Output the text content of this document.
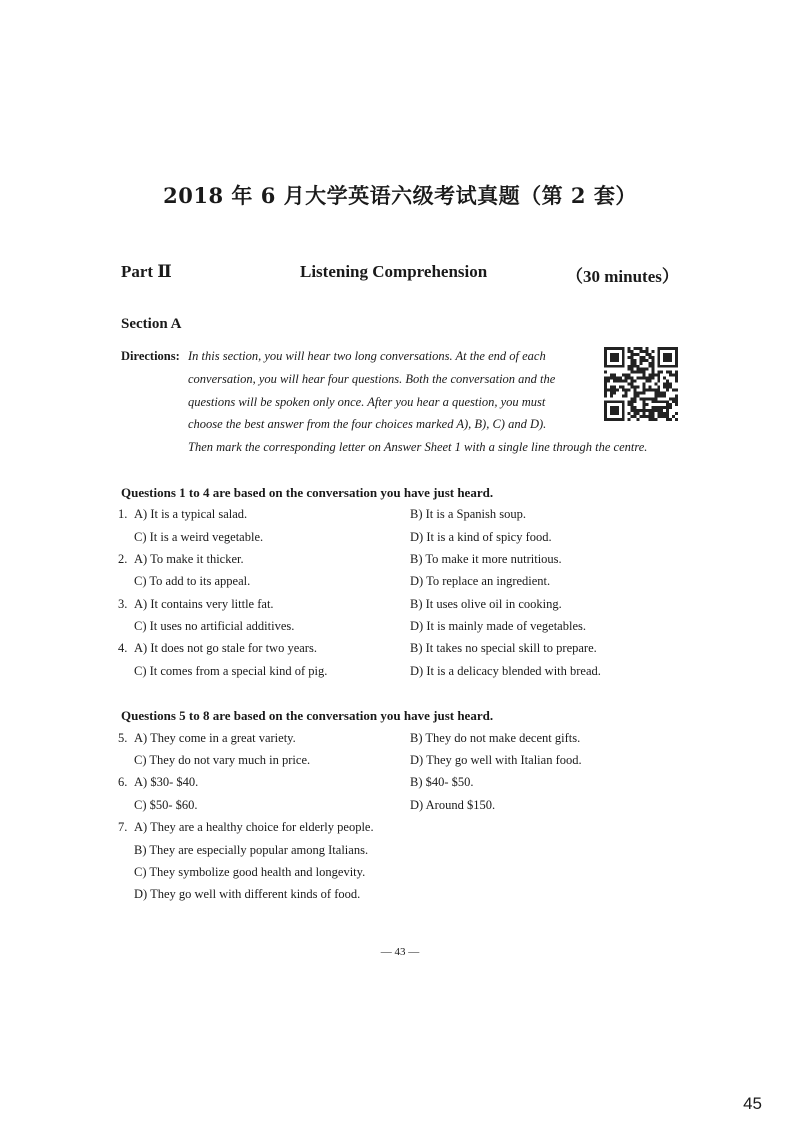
2018 年 6 月大学英语六级考试真题（第 2 套）
Part Ⅱ	Listening Comprehension	（30 minutes）
Section A
Directions: In this section, you will hear two long conversations. At the end of each
conversation, you will hear four questions. Both the conversation and the
questions will be spoken only once. After you hear a question, you must
choose the best answer from the four choices marked A), B), C) and D).
Then mark the corresponding letter on Answer Sheet 1 with a single line through the centre.
Questions 1 to 4 are based on the conversation you have just heard.
1. A) It is a typical salad.	B) It is a Spanish soup.
C) It is a weird vegetable.	D) It is a kind of spicy food.
2. A) To make it thicker.	B) To make it more nutritious.
C) To add to its appeal.	D) To replace an ingredient.
3. A) It contains very little fat.	B) It uses olive oil in cooking.
C) It uses no artificial additives.	D) It is mainly made of vegetables.
4. A) It does not go stale for two years.	B) It takes no special skill to prepare.
C) It comes from a special kind of pig.	D) It is a delicacy blended with bread.
Questions 5 to 8 are based on the conversation you have just heard.
5. A) They come in a great variety.	B) They do not make decent gifts.
C) They do not vary much in price.	D) They go well with Italian food.
6. A) $30- $40.	B) $40- $50.
C) $50- $60.	D) Around $150.
7. A) They are a healthy choice for elderly people.
B) They are especially popular among Italians.
C) They symbolize good health and longevity.
D) They go well with different kinds of food.
— 43 —
45
